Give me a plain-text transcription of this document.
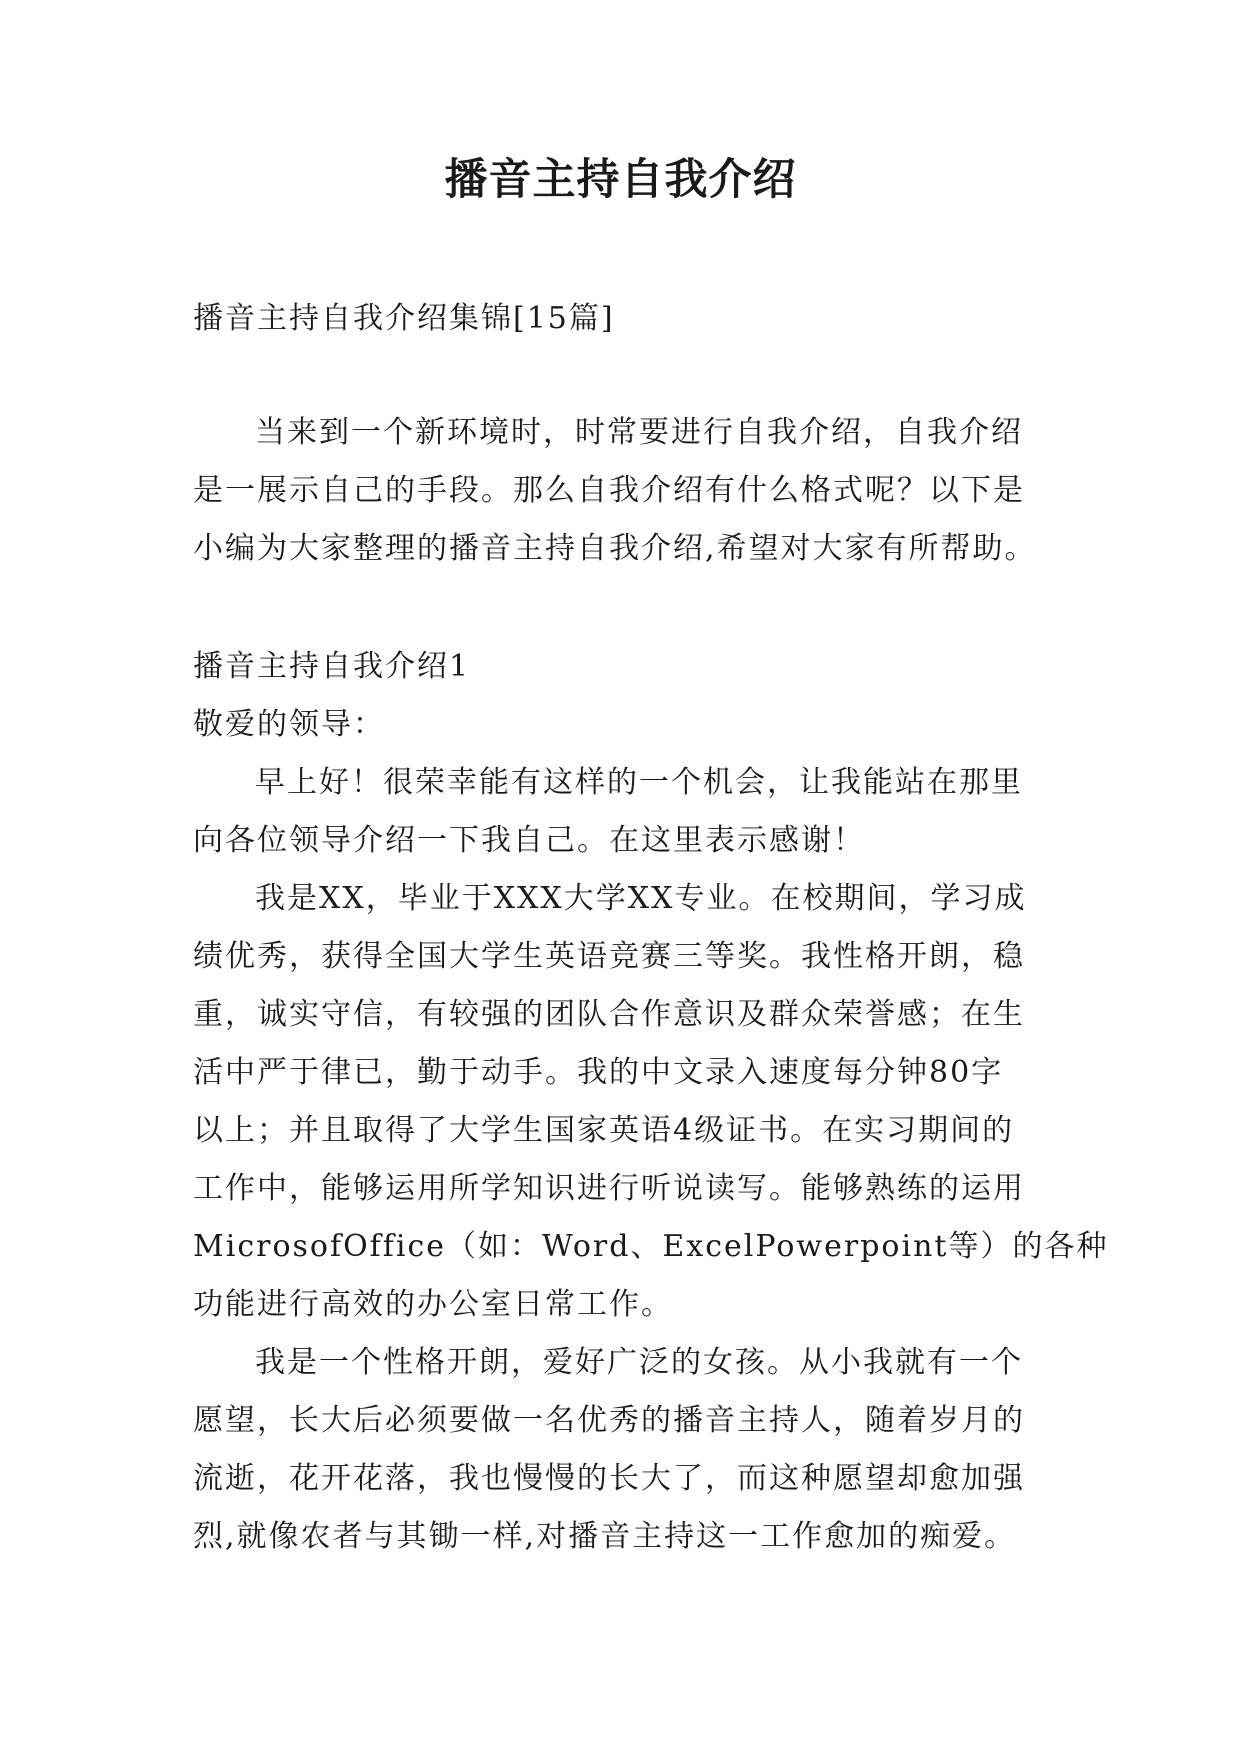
播音主持自我介绍
播音主持自我介绍集锦[15篇]
当来到一个新环境时，时常要进行自我介绍，自我介绍
是一展示自己的手段。那么自我介绍有什么格式呢？以下是
小编为大家整理的播音主持自我介绍,希望对大家有所帮助。
播音主持自我介绍1
敬爱的领导：
早上好！很荣幸能有这样的一个机会，让我能站在那里
向各位领导介绍一下我自己。在这里表示感谢！
我是XX，毕业于XXX大学XX专业。在校期间，学习成
绩优秀，获得全国大学生英语竞赛三等奖。我性格开朗，稳
重，诚实守信，有较强的团队合作意识及群众荣誉感；在生
活中严于律已，勤于动手。我的中文录入速度每分钟80字
以上；并且取得了大学生国家英语4级证书。在实习期间的
工作中，能够运用所学知识进行听说读写。能够熟练的运用
MicrosofOffice（如：Word、ExcelPowerpoint等）的各种
功能进行高效的办公室日常工作。
我是一个性格开朗，爱好广泛的女孩。从小我就有一个
愿望，长大后必须要做一名优秀的播音主持人，随着岁月的
流逝，花开花落，我也慢慢的长大了，而这种愿望却愈加强
烈,就像农者与其锄一样,对播音主持这一工作愈加的痴爱。
